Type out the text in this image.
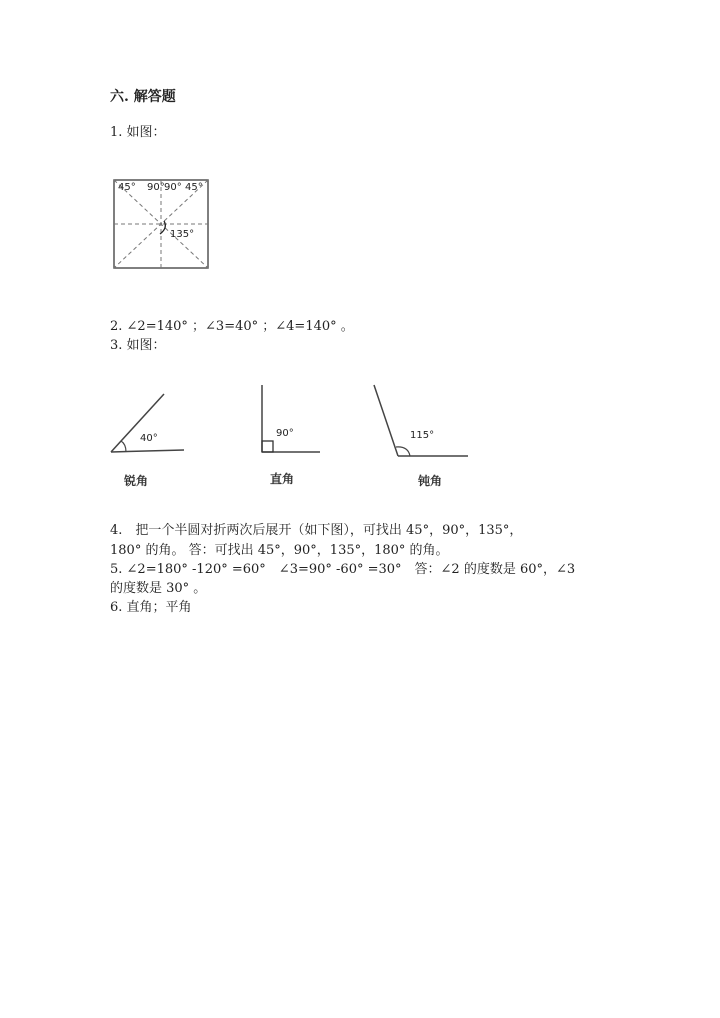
六. 解答题
1. 如图：
45° 90° 90° 45°
135°
2. ∠2=140° ；∠3=40° ；∠4=140° 。
3. 如图：
40°
锐角
90°
直角
115°
钝角
4.　把一个半圆对折两次后展开（如下图），可找出 45°，90°，135°，
180° 的角。 答：可找出 45°，90°，135°，180° 的角。
5. ∠2=180° -120° =60°　∠3=90° -60° =30°　答：∠2 的度数是 60°，∠3
的度数是 30° 。
6. 直角；平角
